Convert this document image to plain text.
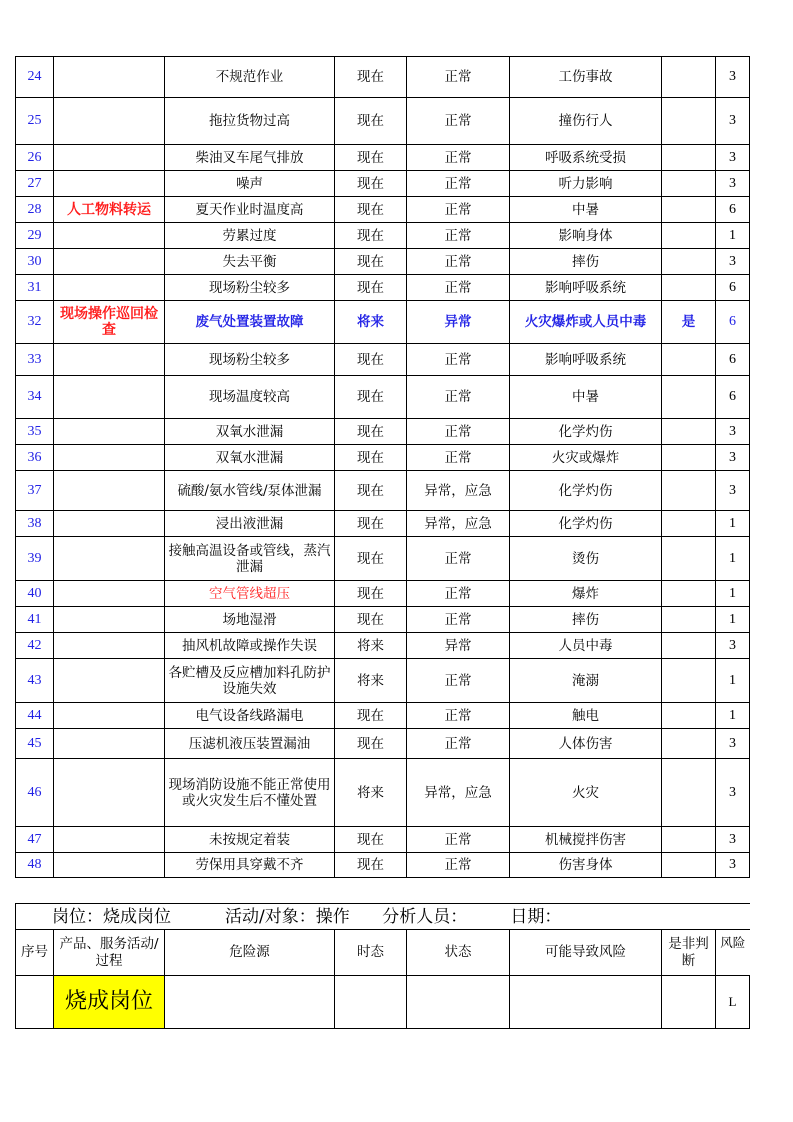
24		不规范作业	现在	正常	工伤事故		3
25		拖拉货物过高	现在	正常	撞伤行人		3
26		柴油叉车尾气排放	现在	正常	呼吸系统受损		3
27		噪声	现在	正常	听力影响		3
28	人工物料转运	夏天作业时温度高	现在	正常	中暑		6
29		劳累过度	现在	正常	影响身体		1
30		失去平衡	现在	正常	摔伤		3
31		现场粉尘较多	现在	正常	影响呼吸系统		6
32	现场操作巡回检查	废气处置装置故障	将来	异常	火灾爆炸或人员中毒	是	6
33		现场粉尘较多	现在	正常	影响呼吸系统		6
34		现场温度较高	现在	正常	中暑		6
35		双氧水泄漏	现在	正常	化学灼伤		3
36		双氧水泄漏	现在	正常	火灾或爆炸		3
37		硫酸/氨水管线/泵体泄漏	现在	异常，应急	化学灼伤		3
38		浸出液泄漏	现在	异常，应急	化学灼伤		1
39		接触高温设备或管线，蒸汽泄漏	现在	正常	烫伤		1
40		空气管线超压	现在	正常	爆炸		1
41		场地湿滑	现在	正常	摔伤		1
42		抽风机故障或操作失误	将来	异常	人员中毒		3
43		各贮槽及反应槽加料孔防护设施失效	将来	正常	淹溺		1
44		电气设备线路漏电	现在	正常	触电		1
45		压滤机液压装置漏油	现在	正常	人体伤害		3
46		现场消防设施不能正常使用或火灾发生后不懂处置	将来	异常，应急	火灾		3
47		未按规定着装	现在	正常	机械搅拌伤害		3
48		劳保用具穿戴不齐	现在	正常	伤害身体		3
岗位：烧成岗位          活动/对象：操作      分析人员：        日期：							
序号	产品、服务活动/过程	危险源	时态	状态	可能导致风险	是非判断	风险
	烧成岗位						L
